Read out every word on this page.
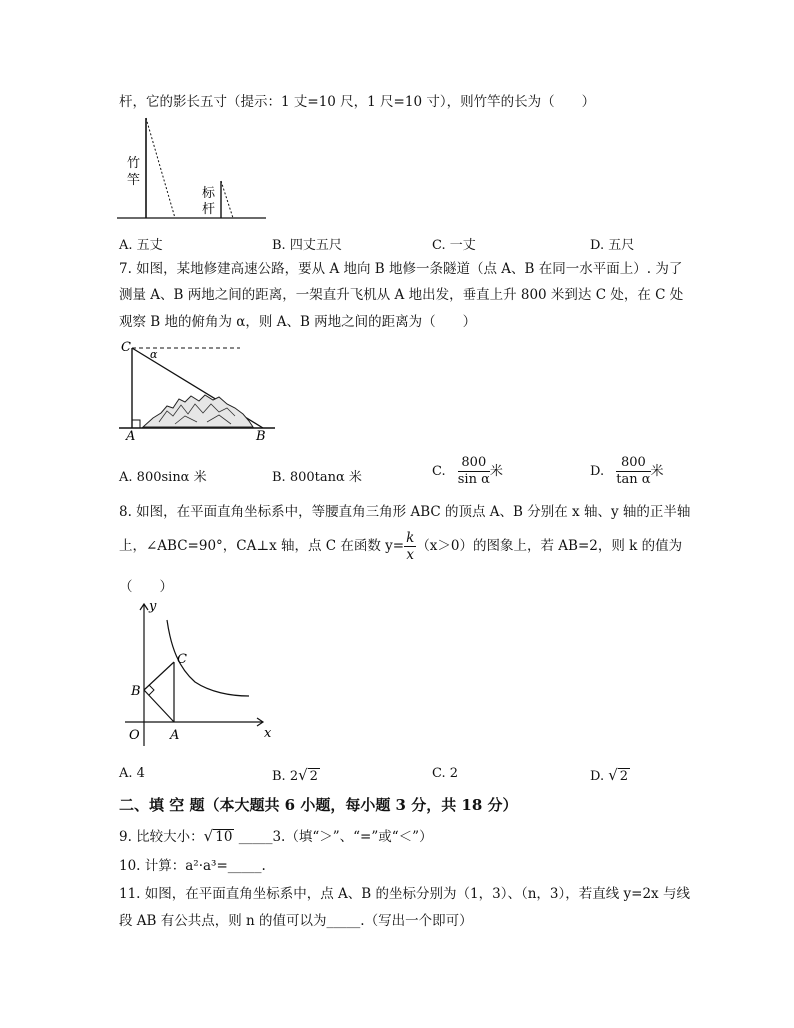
杆，它的影长五寸（提示：1 丈=10 尺，1 尺=10 寸），则竹竿的长为（　　）
竹
竿
标
杆
A. 五丈	B. 四丈五尺	C. 一丈	D. 五尺
7. 如图，某地修建高速公路，要从 A 地向 B 地修一条隧道（点 A、B 在同一水平面上）. 为了
测量 A、B 两地之间的距离，一架直升飞机从 A 地出发，垂直上升 800 米到达 C 处，在 C 处
观察 B 地的俯角为 α，则 A、B 两地之间的距离为（　　）
C α
A	B
A. 800sinα 米	B. 800tanα 米	C. $\frac{800}{\text{sin α}}$ 米	D. $\frac{800}{\text{tan α}}$ 米
8. 如图，在平面直角坐标系中，等腰直角三角形 ABC 的顶点 A、B 分别在 x 轴、y 轴的正半轴
上，∠ABC=90°，CA⊥x 轴，点 C 在函数 $y= \frac{k}{x} (x>0)$的图象上，若 AB=2，则 k 的值为
（　　）
y
x
O A
B
C
A. 4	B. 2√ 2	C. 2	D. √ 2
二、填 空 题（本大题共 6 小题，每小题 3 分，共 18 分）
9. 比较大小：√ 10 _____3.（填“＞”、“=”或“＜”）
10. 计算：a²·a³=_____.
11. 如图，在平面直角坐标系中，点 A、B 的坐标分别为（1，3）、（n，3），若直线 y=2x 与线
段 AB 有公共点，则 n 的值可以为_____.（写出一个即可）
